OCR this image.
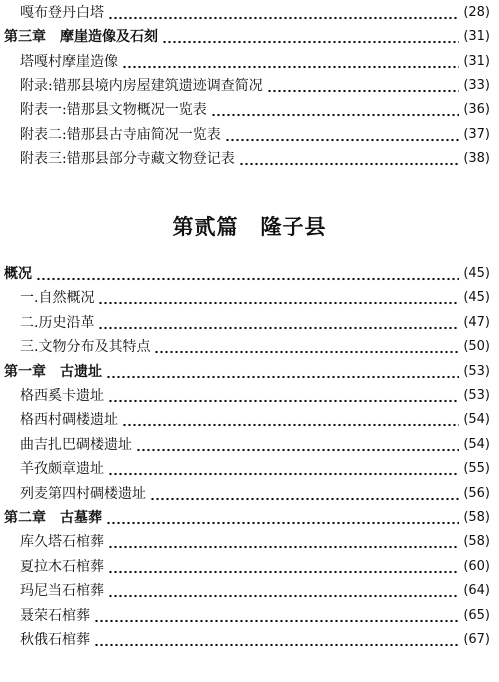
嘎布登丹白塔	(28)
第三章　摩崖造像及石刻	(31)
塔嘎村摩崖造像	(31)
附录:错那县境内房屋建筑遗迹调查简况	(33)
附表一:错那县文物概况一览表	(36)
附表二:错那县古寺庙简况一览表	(37)
附表三:错那县部分寺藏文物登记表	(38)
第贰篇　隆子县
概况	(45)
一.自然概况	(45)
二.历史沿革	(47)
三.文物分布及其特点	(50)
第一章　古遗址	(53)
格西奚卡遗址	(53)
格西村碉楼遗址	(54)
曲吉扎巴碉楼遗址	(54)
羊孜颇章遗址	(55)
列麦第四村碉楼遗址	(56)
第二章　古墓葬	(58)
库久塔石棺葬	(58)
夏拉木石棺葬	(60)
玛尼当石棺葬	(64)
聂荣石棺葬	(65)
秋俄石棺葬	(67)
